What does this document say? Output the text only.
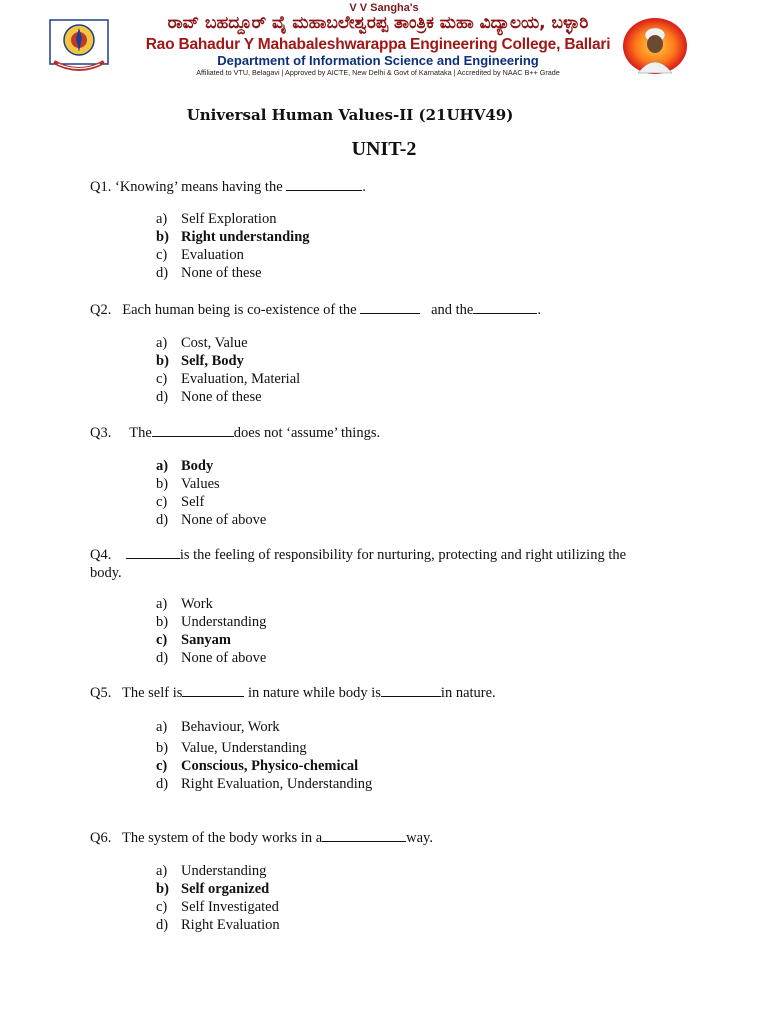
V V Sangha's
ರಾವ್ ಬಹದ್ದೂರ್ ವೈ ಮಹಾಬಲೇಶ್ವರಪ್ಪ ತಾಂತ್ರಿಕ ಮಹಾ ವಿದ್ಯಾಲಯ, ಬಳ್ಳಾರಿ
Rao Bahadur Y Mahabaleshwarappa Engineering College, Ballari
Department of Information Science and Engineering
Affiliated to VTU, Belagavi | Approved by AICTE, New Delhi & Govt of Karnataka | Accredited by NAAC B++ Grade
Universal Human Values-II (21UHV49)
UNIT-2
Q1. ‘Knowing’ means having the	.
a) Self Exploration
b) Right understanding
c) Evaluation
d) None of these
Q2. Each human being is co-existence of the	and the	.
a) Cost, Value
b) Self, Body
c) Evaluation, Material
d) None of these
Q3. The	does not ‘assume’ things.
a) Body
b) Values
c) Self
d) None of above
Q4.	is the feeling of responsibility for nurturing, protecting and right utilizing the
body.
a) Work
b) Understanding
c) Sanyam
d) None of above
Q5. The self is	in nature while body is	in nature.
a) Behaviour, Work
b) Value, Understanding
c) Conscious, Physico-chemical
d) Right Evaluation, Understanding
Q6. The system of the body works in a	way.
a) Understanding
b) Self organized
c) Self Investigated
d) Right Evaluation
